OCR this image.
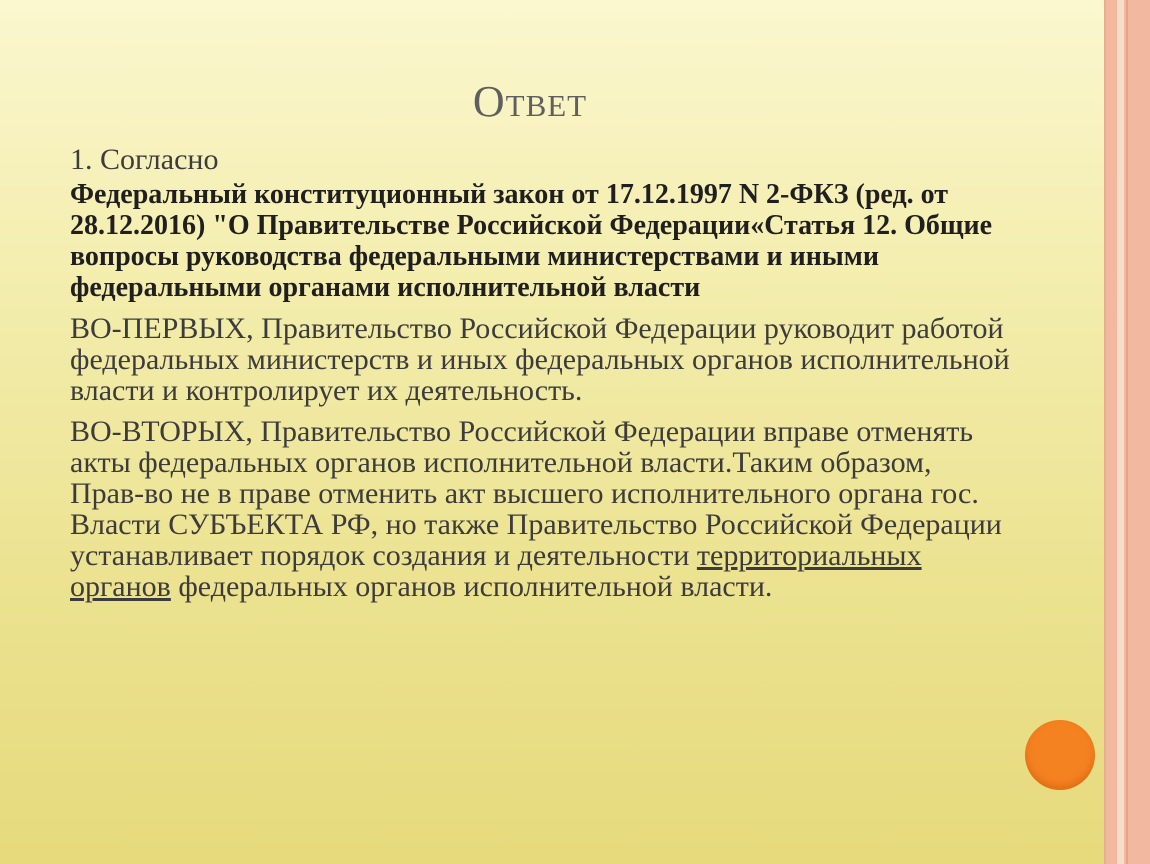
Ответ

1. Согласно

Федеральный конституционный закон от 17.12.1997 N 2-ФКЗ (ред. от 28.12.2016) "О Правительстве Российской Федерации«Статья 12. Общие вопросы руководства федеральными министерствами и иными федеральными органами исполнительной власти

ВО-ПЕРВЫХ, Правительство Российской Федерации руководит работой федеральных министерств и иных федеральных органов исполнительной власти и контролирует их деятельность.

ВО-ВТОРЫХ, Правительство Российской Федерации вправе отменять акты федеральных органов исполнительной власти.Таким образом, Прав-во не в праве отменить акт высшего исполнительного органа гос. Власти СУБЪЕКТА РФ, но также Правительство Российской Федерации устанавливает порядок создания и деятельности территориальных органов федеральных органов исполнительной власти.
